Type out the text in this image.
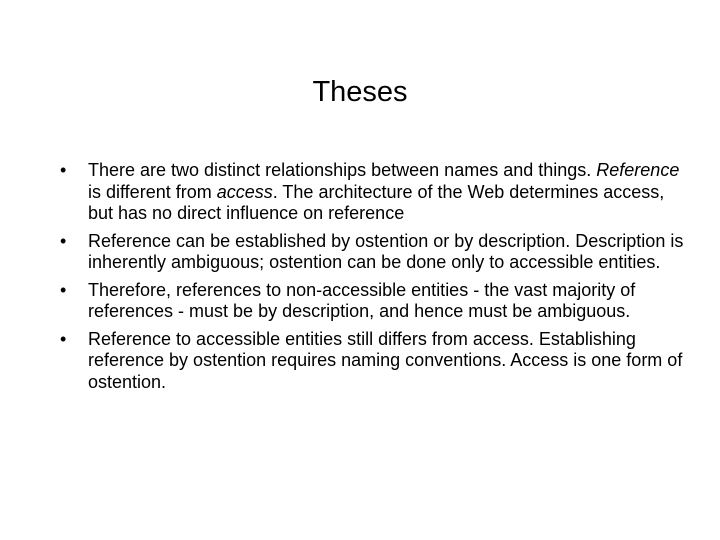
Theses
• There are two distinct relationships between names and things. Reference is different from access. The architecture of the Web determines access, but has no direct influence on reference
• Reference can be established by ostention or by description. Description is inherently ambiguous; ostention can be done only to accessible entities.
• Therefore, references to non-accessible entities - the vast majority of references - must be by description, and hence must be ambiguous.
• Reference to accessible entities still differs from access. Establishing reference by ostention requires naming conventions. Access is one form of ostention.
